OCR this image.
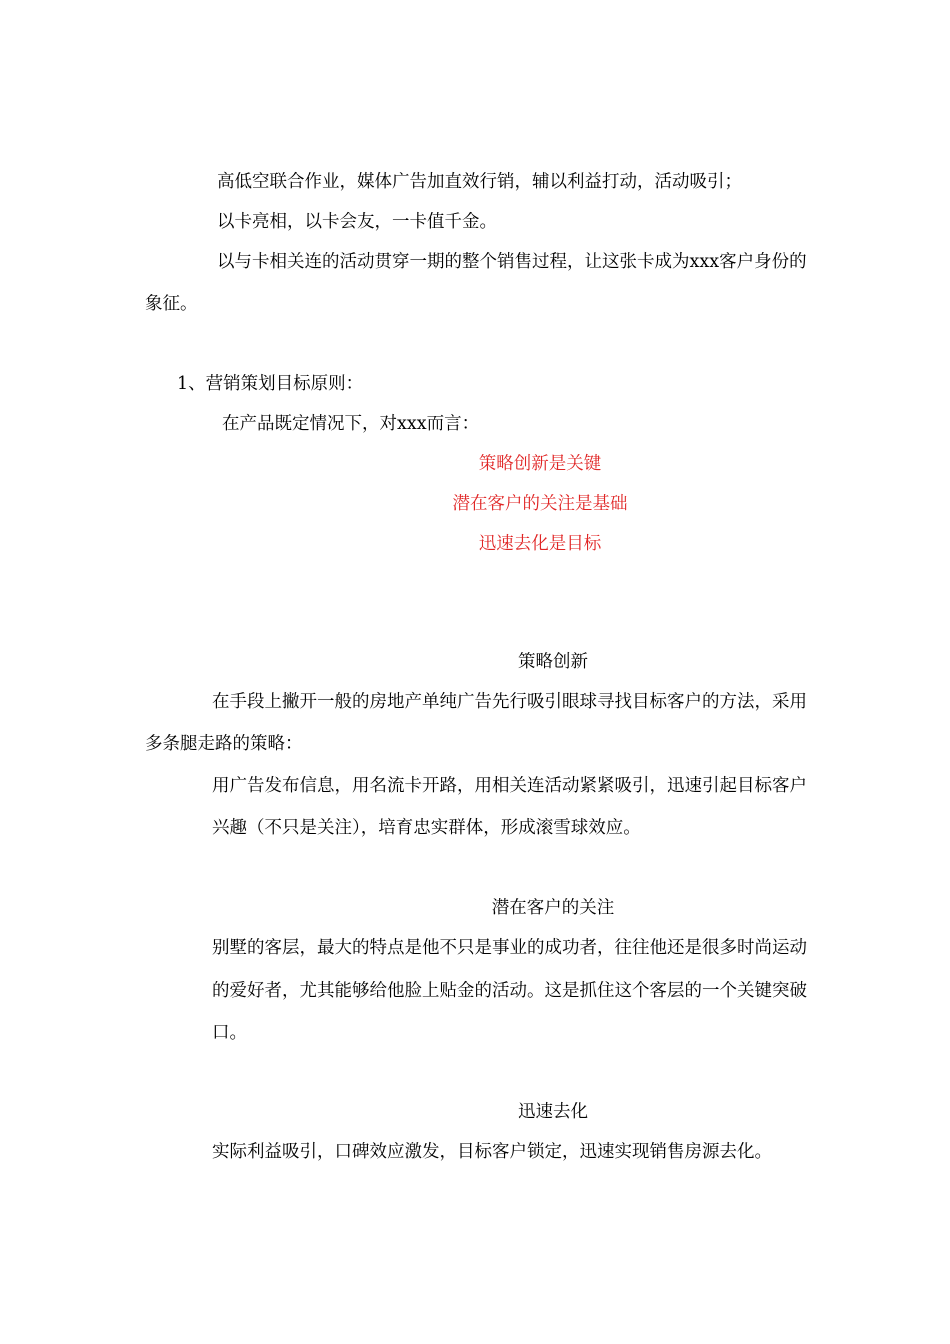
高低空联合作业，媒体广告加直效行销，辅以利益打动，活动吸引；
以卡亮相，以卡会友，一卡值千金。
以与卡相关连的活动贯穿一期的整个销售过程，让这张卡成为xxx客户身份的
象征。
1、营销策划目标原则：
在产品既定情况下，对xxx而言：
策略创新是关键
潜在客户的关注是基础
迅速去化是目标
策略创新
在手段上撇开一般的房地产单纯广告先行吸引眼球寻找目标客户的方法，采用
多条腿走路的策略：
用广告发布信息，用名流卡开路，用相关连活动紧紧吸引，迅速引起目标客户
兴趣（不只是关注），培育忠实群体，形成滚雪球效应。
潜在客户的关注
别墅的客层，最大的特点是他不只是事业的成功者，往往他还是很多时尚运动
的爱好者，尤其能够给他脸上贴金的活动。这是抓住这个客层的一个关键突破
口。
迅速去化
实际利益吸引，口碑效应激发，目标客户锁定，迅速实现销售房源去化。
